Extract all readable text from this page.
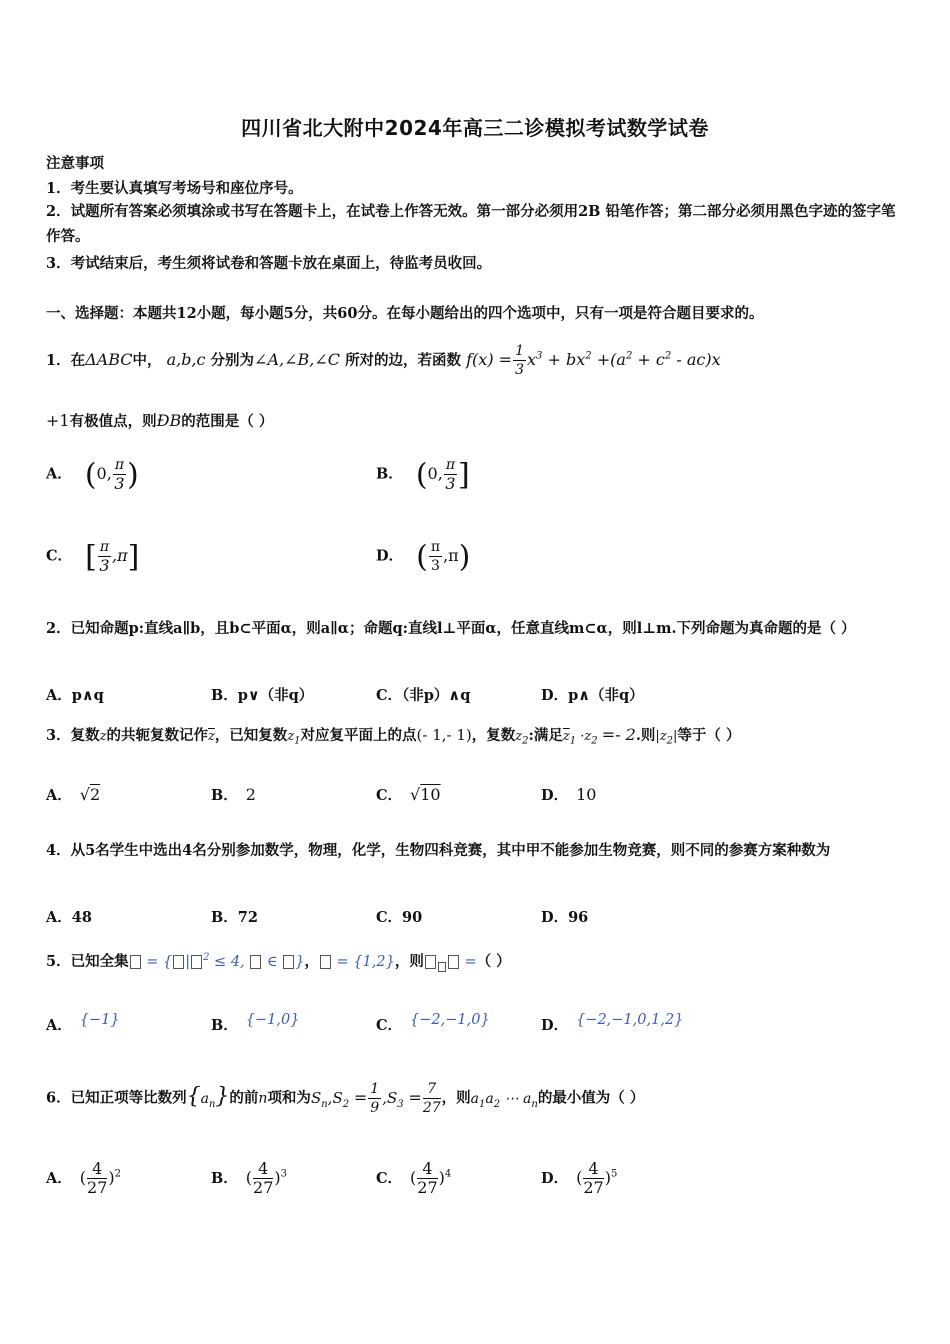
四川省北大附中2024年高三二诊模拟考试数学试卷
注意事项
1．考生要认真填写考场号和座位序号。
2．试题所有答案必须填涂或书写在答题卡上，在试卷上作答无效。第一部分必须用2B 铅笔作答；第二部分必须用黑色字迹的签字笔作答。
3．考试结束后，考生须将试卷和答题卡放在桌面上，待监考员收回。
一、选择题：本题共12小题，每小题5分，共60分。在每小题给出的四个选项中，只有一项是符合题目要求的。
1．在ΔABC中， a,b,c 分别为∠A,∠B,∠C 所对的边，若函数 $f(x) = \frac{1}{3} x^3 + bx^2 +(a^2 + c^2 - ac)x$
+1有极值点，则ÐB的范围是（ ）
A． (0, $\frac{\pi}{3}$ )	B． (0, $\frac{\pi}{3}$ ]
C． [ $\frac{\pi}{3} ,\pi$]	D． ( $\frac{\pi}{3} ,\pi$)
2．已知命题p:直线a∥b，且b⊂平面α，则a∥α；命题q:直线l⊥平面α，任意直线m⊂α，则l⊥m.下列命题为真命题的是（ ）
A．p∧q	B．p∨（非q）	C．（非p）∧q	D．p∧（非q）
3．复数z的共轭复数记作$\overline{z}$，已知复数$z_1$对应复平面上的点(- 1,- 1)，复数$z_2$:满足$\overline{z}_1 \cdot z_2 =- 2$.则$|z_2|$等于（ ）
A． √2	B． 2	C． √10	D． 10
4．从5名学生中选出4名分别参加数学，物理，化学，生物四科竞赛，其中甲不能参加生物竞赛，则不同的参赛方案种数为
A．48	B．72	C．90	D．96
5．已知全集 = { | $^2$ ≤ 4,  ∈ }， = {1,2}，则 =（ ）
A． {−1}	B． {−1,0}	C． {−2,−1,0}	D． {−2,−1,0,1,2}
6．已知正项等比数列$\{a_n\}$的前n项和为$S_n,S_2 = \frac{1}{9} ,S_3 = \frac{7}{27}$ ，则$a_1a_2$ ⋯ $a_n$的最小值为（ ）
A． ( $\frac{4}{27} )^2$	B． ( $\frac{4}{27} )^3$	C． ( $\frac{4}{27} )^4$	D． ( $\frac{4}{27} )^5$
